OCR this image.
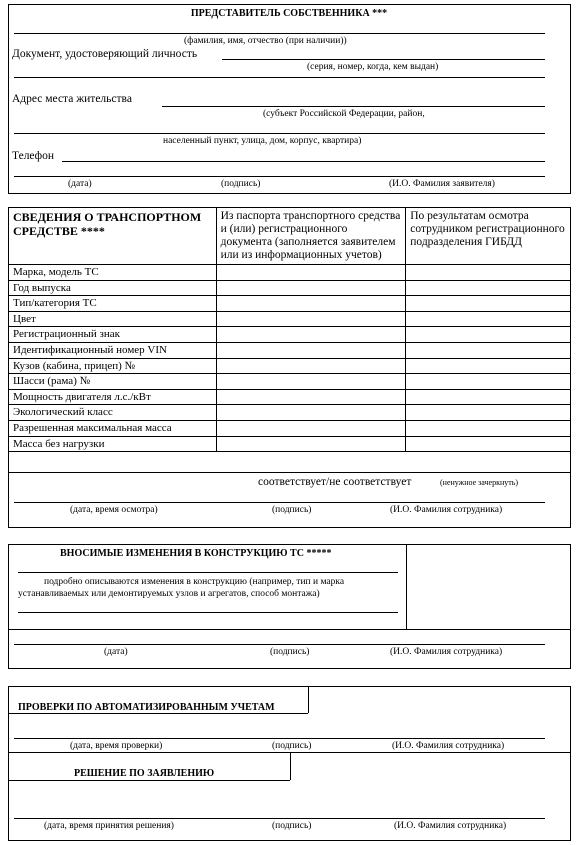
ПРЕДСТАВИТЕЛЬ СОБСТВЕННИКА ***
(фамилия, имя, отчество (при наличии))
Документ, удостоверяющий личность
(серия, номер, когда, кем выдан)
Адрес места жительства
(субъект Российской Федерации, район,
населенный пункт, улица, дом, корпус, квартира)
Телефон
(дата)	(подпись)	(И.О. Фамилия заявителя)
СВЕДЕНИЯ О ТРАНСПОРТНОМ СРЕДСТВЕ ****	Из паспорта транспортного средства и (или) регистрационного документа (заполняется заявителем или из информационных учетов)	По результатам осмотра сотрудником регистрационного подразделения ГИБДД
Марка, модель ТС		
Год выпуска		
Тип/категория ТС		
Цвет		
Регистрационный знак		
Идентификационный номер VIN		
Кузов (кабина, прицеп) №		
Шасси (рама) №		
Мощность двигателя л.с./кВт		
Экологический класс		
Разрешенная максимальная масса		
Масса без нагрузки		
соответствует/не соответствует	(ненужное зачеркнуть)
(дата, время осмотра)	(подпись)	(И.О. Фамилия сотрудника)
ВНОСИМЫЕ ИЗМЕНЕНИЯ В КОНСТРУКЦИЮ ТС *****
подробно описываются изменения в конструкцию (например, тип и марка
устанавливаемых или демонтируемых узлов и агрегатов, способ монтажа)
(дата)	(подпись)	(И.О. Фамилия сотрудника)
ПРОВЕРКИ ПО АВТОМАТИЗИРОВАННЫМ УЧЕТАМ
(дата, время проверки)	(подпись)	(И.О. Фамилия сотрудника)
РЕШЕНИЕ ПО ЗАЯВЛЕНИЮ
(дата, время принятия решения)	(подпись)	(И.О. Фамилия сотрудника)
